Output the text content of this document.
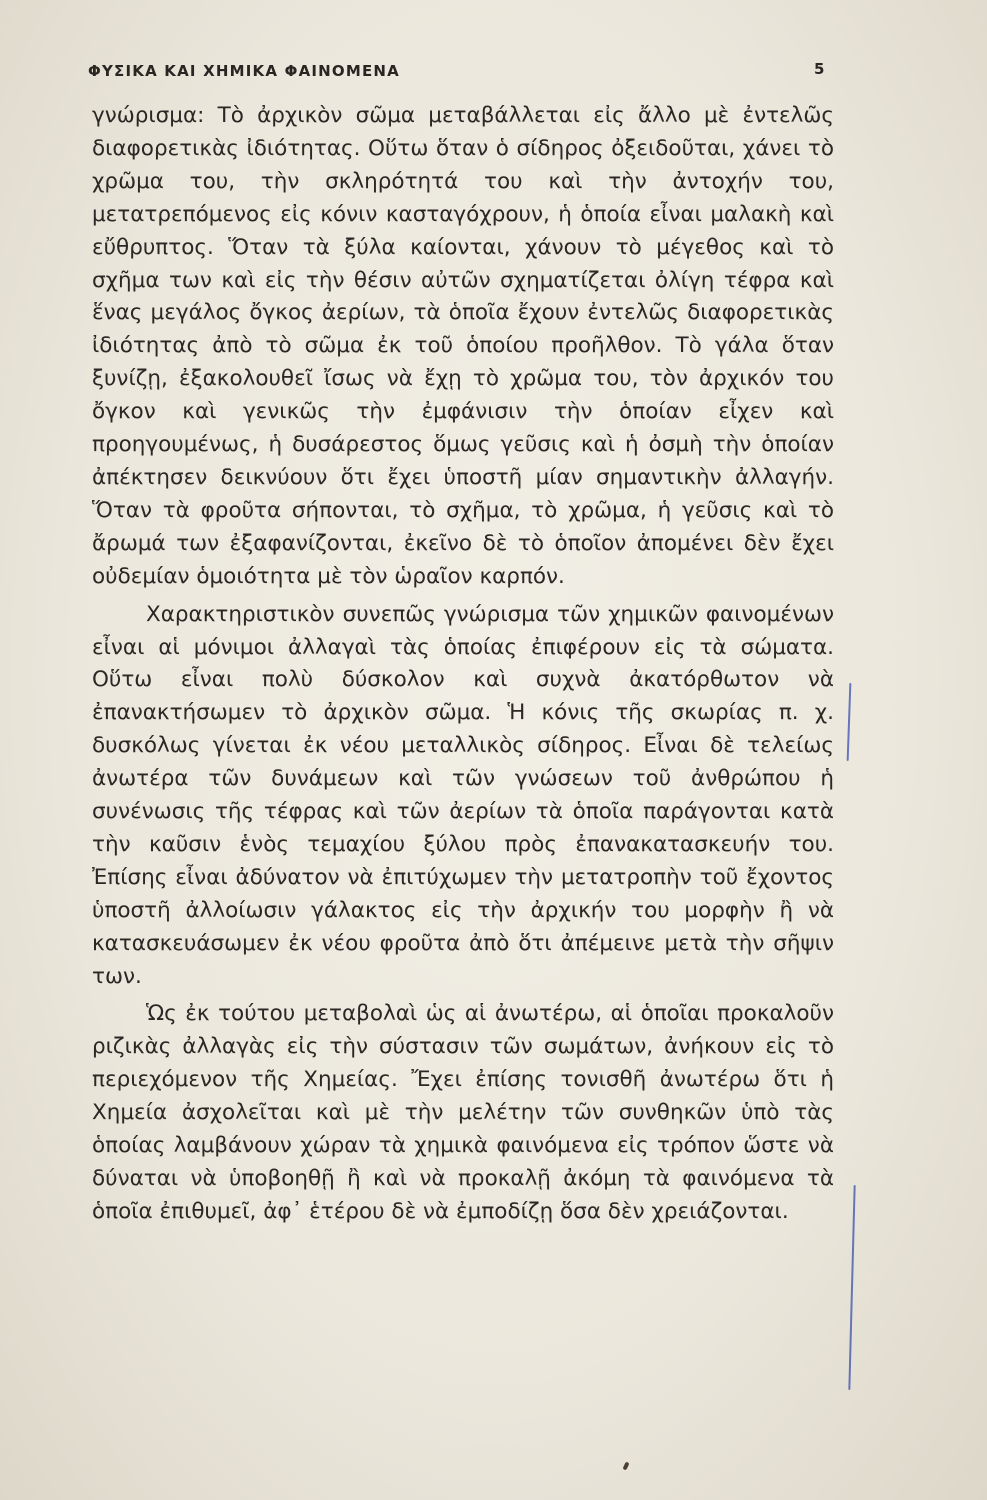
ΦΥΣΙΚΑ ΚΑΙ ΧΗΜΙΚΑ ΦΑΙΝΟΜΕΝΑ	5

γνώρισμα: Τὸ ἀρχικὸν σῶμα μεταβάλλεται εἰς ἄλλο μὲ ἐντελῶς διαφορετικὰς ἰδιότητας. Οὕτω ὅταν ὁ σίδηρος ὀξειδοῦται, χάνει τὸ χρῶμα του, τὴν σκληρότητά του καὶ τὴν ἀντοχήν του, μετατρεπόμενος εἰς κόνιν κασταγόχρουν, ἡ ὁποία εἶναι μαλακὴ καὶ εὔθρυπτος. Ὅταν τὰ ξύλα καίονται, χάνουν τὸ μέγεθος καὶ τὸ σχῆμα των καὶ εἰς τὴν θέσιν αὐτῶν σχηματίζεται ὀλίγη τέφρα καὶ ἕνας μεγάλος ὄγκος ἀερίων, τὰ ὁποῖα ἔχουν ἐντελῶς διαφορετικὰς ἰδιότητας ἀπὸ τὸ σῶμα ἐκ τοῦ ὁποίου προῆλθον. Τὸ γάλα ὅταν ξυνίζῃ, ἐξακολουθεῖ ἴσως νὰ ἔχῃ τὸ χρῶμα του, τὸν ἀρχικόν του ὄγκον καὶ γενικῶς τὴν ἐμφάνισιν τὴν ὁποίαν εἶχεν καὶ προηγουμένως, ἡ δυσάρεστος ὅμως γεῦσις καὶ ἡ ὀσμὴ τὴν ὁποίαν ἀπέκτησεν δεικνύουν ὅτι ἔχει ὑποστῆ μίαν σημαντικὴν ἀλλαγήν. Ὅταν τὰ φροῦτα σήπονται, τὸ σχῆμα, τὸ χρῶμα, ἡ γεῦσις καὶ τὸ ἄρωμά των ἐξαφανίζονται, ἐκεῖνο δὲ τὸ ὁποῖον ἀπομένει δὲν ἔχει οὐδεμίαν ὁμοιότητα μὲ τὸν ὡραῖον καρπόν.

Χαρακτηριστικὸν συνεπῶς γνώρισμα τῶν χημικῶν φαινομένων εἶναι αἱ μόνιμοι ἀλλαγαὶ τὰς ὁποίας ἐπιφέρουν εἰς τὰ σώματα. Οὕτω εἶναι πολὺ δύσκολον καὶ συχνὰ ἀκατόρθωτον νὰ ἐπανακτήσωμεν τὸ ἀρχικὸν σῶμα. Ἡ κόνις τῆς σκωρίας π. χ. δυσκόλως γίνεται ἐκ νέου μεταλλικὸς σίδηρος. Εἶναι δὲ τελείως ἀνωτέρα τῶν δυνάμεων καὶ τῶν γνώσεων τοῦ ἀνθρώπου ἡ συνένωσις τῆς τέφρας καὶ τῶν ἀερίων τὰ ὁποῖα παράγονται κατὰ τὴν καῦσιν ἑνὸς τεμαχίου ξύλου πρὸς ἐπανακατασκευήν του. Ἐπίσης εἶναι ἀδύνατον νὰ ἐπιτύχωμεν τὴν μετατροπὴν τοῦ ἔχοντος ὑποστῆ ἀλλοίωσιν γάλακτος εἰς τὴν ἀρχικήν του μορφὴν ἢ νὰ κατασκευάσωμεν ἐκ νέου φροῦτα ἀπὸ ὅτι ἀπέμεινε μετὰ τὴν σῆψιν των.

Ὡς ἐκ τούτου μεταβολαὶ ὡς αἱ ἀνωτέρω, αἱ ὁποῖαι προκαλοῦν ριζικὰς ἀλλαγὰς εἰς τὴν σύστασιν τῶν σωμάτων, ἀνήκουν εἰς τὸ περιεχόμενον τῆς Χημείας. Ἔχει ἐπίσης τονισθῆ ἀνωτέρω ὅτι ἡ Χημεία ἀσχολεῖται καὶ μὲ τὴν μελέτην τῶν συνθηκῶν ὑπὸ τὰς ὁποίας λαμβάνουν χώραν τὰ χημικὰ φαινόμενα εἰς τρόπον ὥστε νὰ δύναται νὰ ὑποβοηθῇ ἢ καὶ νὰ προκαλῇ ἀκόμη τὰ φαινόμενα τὰ ὁποῖα ἐπιθυμεῖ, ἀφ᾽ ἑτέρου δὲ νὰ ἐμποδίζῃ ὅσα δὲν χρειάζονται.
